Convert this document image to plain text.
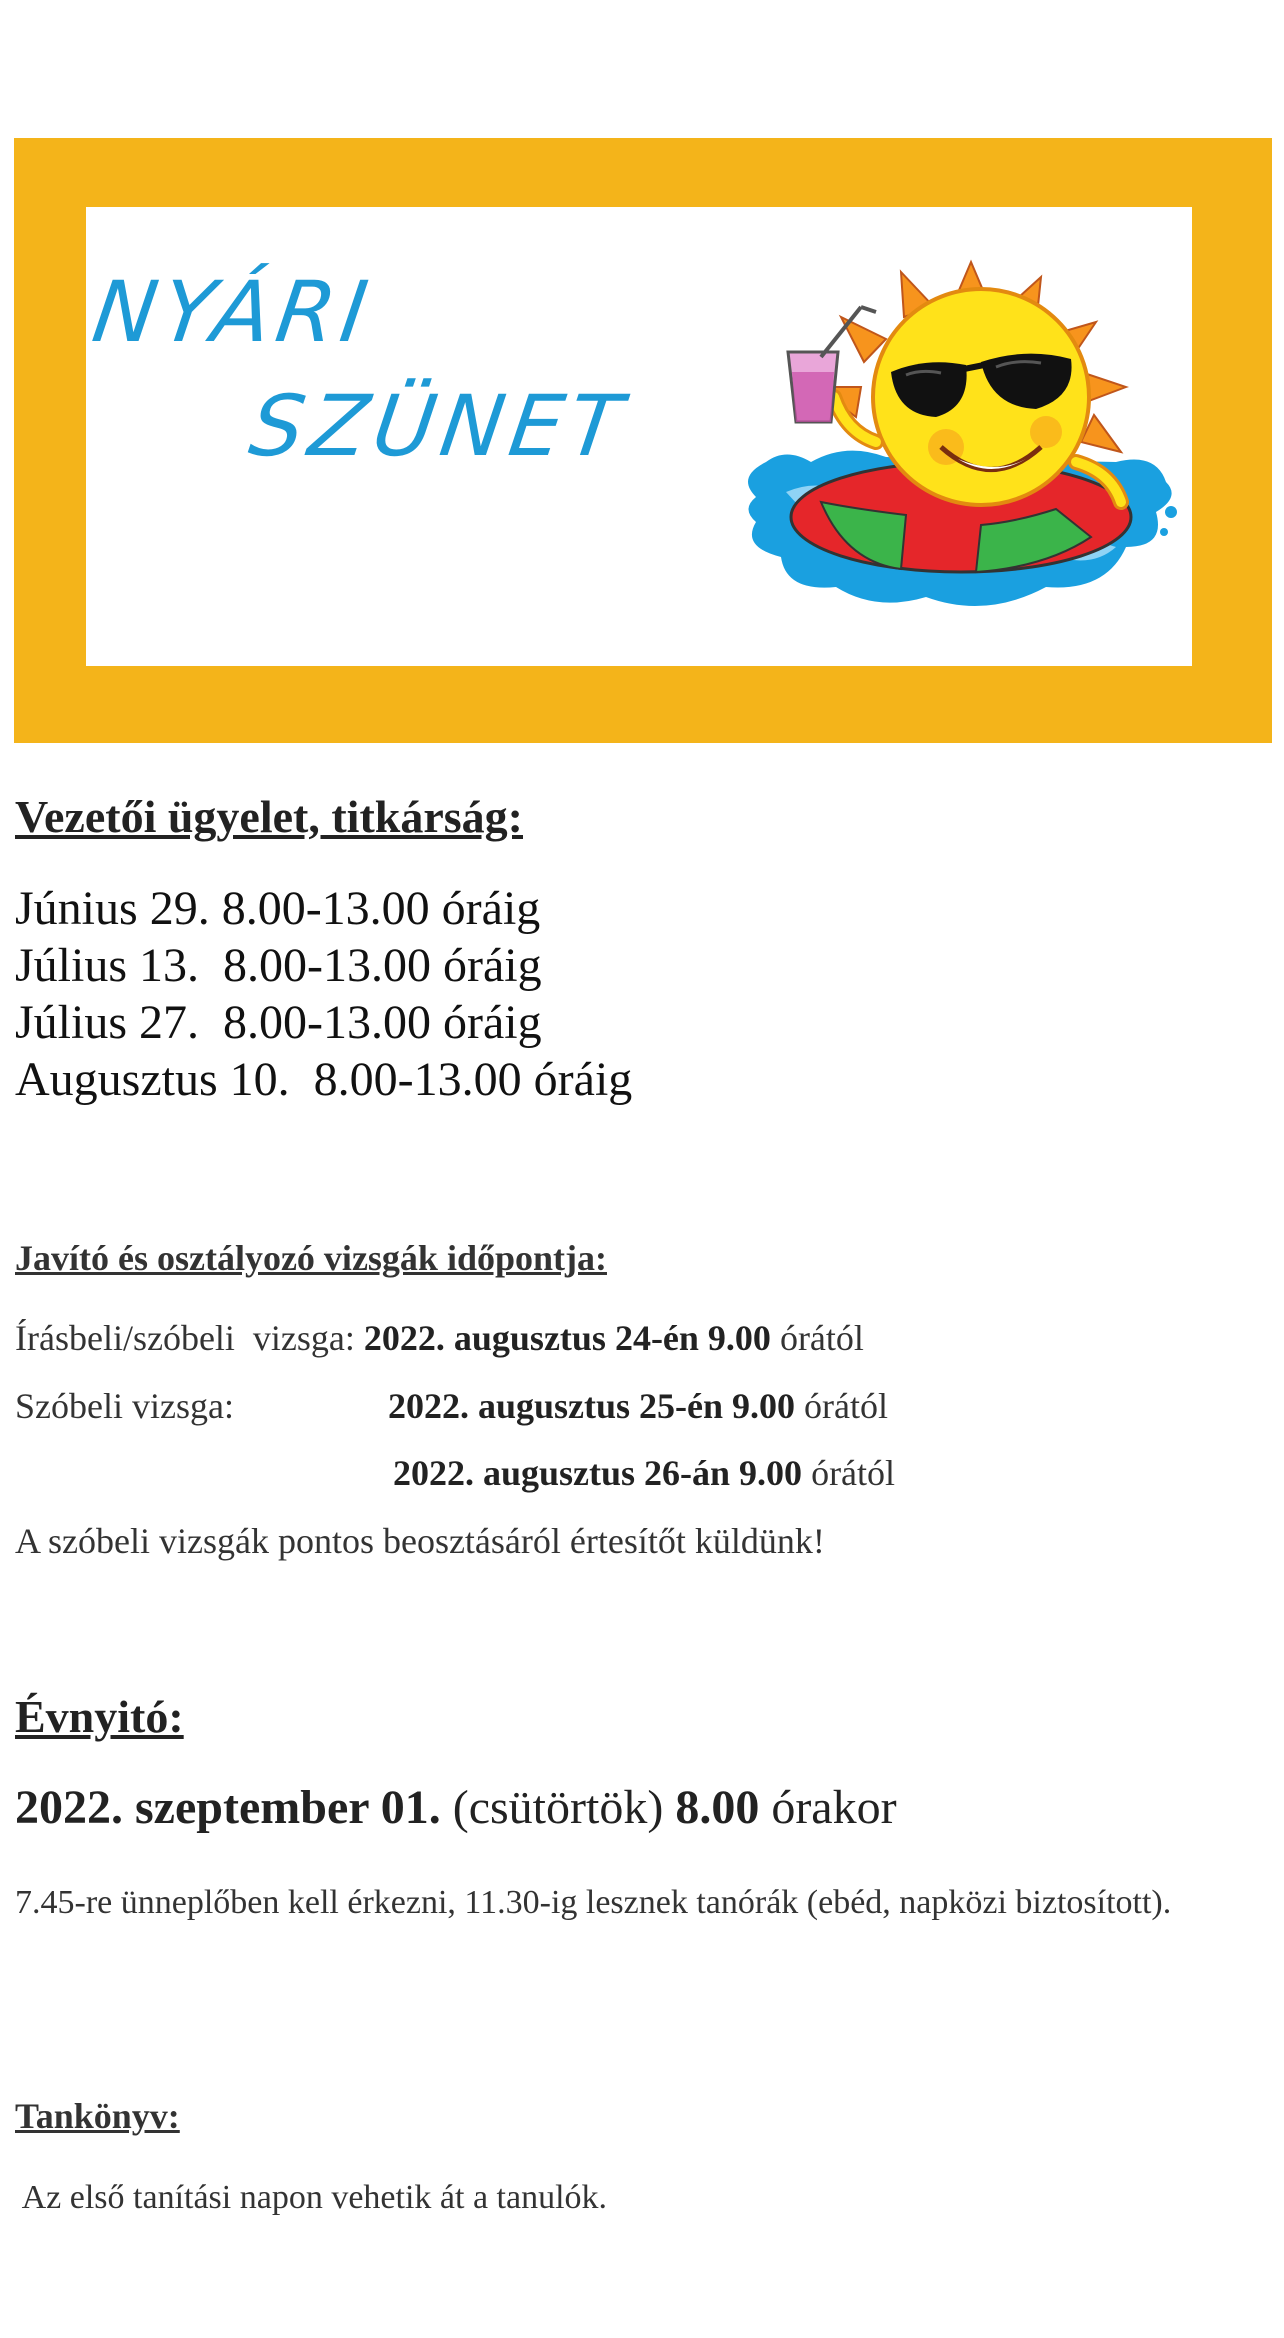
NYÁRI

SZÜNET

Vezetői ügyelet, titkárság:

Június 29. 8.00-13.00 óráig
Július 13.  8.00-13.00 óráig
Július 27.  8.00-13.00 óráig
Augusztus 10.  8.00-13.00 óráig

Javító és osztályozó vizsgák időpontja:

Írásbeli/szóbeli  vizsga: 2022. augusztus 24-én 9.00 órától

Szóbeli vizsga:	2022. augusztus 25-én 9.00 órától

2022. augusztus 26-án 9.00 órától

A szóbeli vizsgák pontos beosztásáról értesítőt küldünk!

Évnyitó:

2022. szeptember 01. (csütörtök) 8.00 órakor

7.45-re ünneplőben kell érkezni, 11.30-ig lesznek tanórák (ebéd, napközi biztosított).

Tankönyv:

Az első tanítási napon vehetik át a tanulók.
